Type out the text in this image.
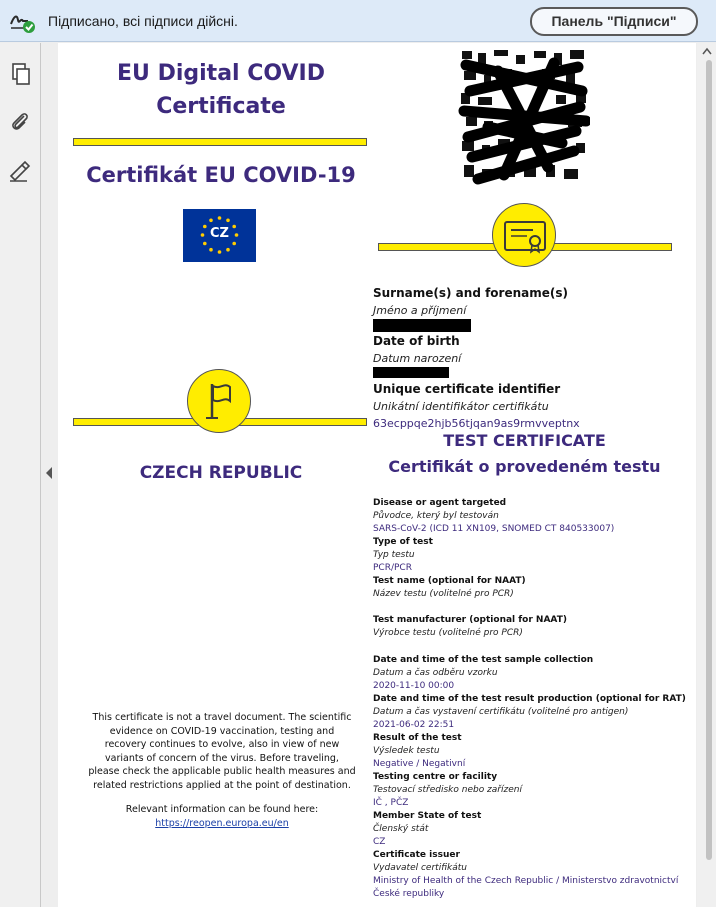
Підписано, всі підписи дійсні.	Панель "Підписи"
EU Digital COVID
Certificate
Certifikát EU COVID-19
CZ
CZECH REPUBLIC
Surname(s) and forename(s)
Jméno a příjmení
Date of birth
Datum narození
Unique certificate identifier
Unikátní identifikátor certifikátu
63ecppqe2hjb56tjqan9as9rmvveptnx
TEST CERTIFICATE
Certifikát o provedeném testu
Disease or agent targeted
Původce, který byl testován
SARS-CoV-2 (ICD 11 XN109, SNOMED CT 840533007)
Type of test
Typ testu
PCR/PCR
Test name (optional for NAAT)
Název testu (volitelné pro PCR)
Test manufacturer (optional for NAAT)
Výrobce testu (volitelné pro PCR)
Date and time of the test sample collection
Datum a čas odběru vzorku
2020-11-10 00:00
Date and time of the test result production (optional for RAT)
Datum a čas vystavení certifikátu (volitelné pro antigen)
2021-06-02 22:51
Result of the test
Výsledek testu
Negative / Negativní
Testing centre or facility
Testovací středisko nebo zařízení
IČ , PČZ
Member State of test
Členský stát
CZ
Certificate issuer
Vydavatel certifikátu
Ministry of Health of the Czech Republic / Ministerstvo zdravotnictví
České republiky
This certificate is not a travel document. The scientific evidence on COVID-19 vaccination, testing and recovery continues to evolve, also in view of new variants of concern of the virus. Before traveling, please check the applicable public health measures and related restrictions applied at the point of destination.
Relevant information can be found here:
https://reopen.europa.eu/en
